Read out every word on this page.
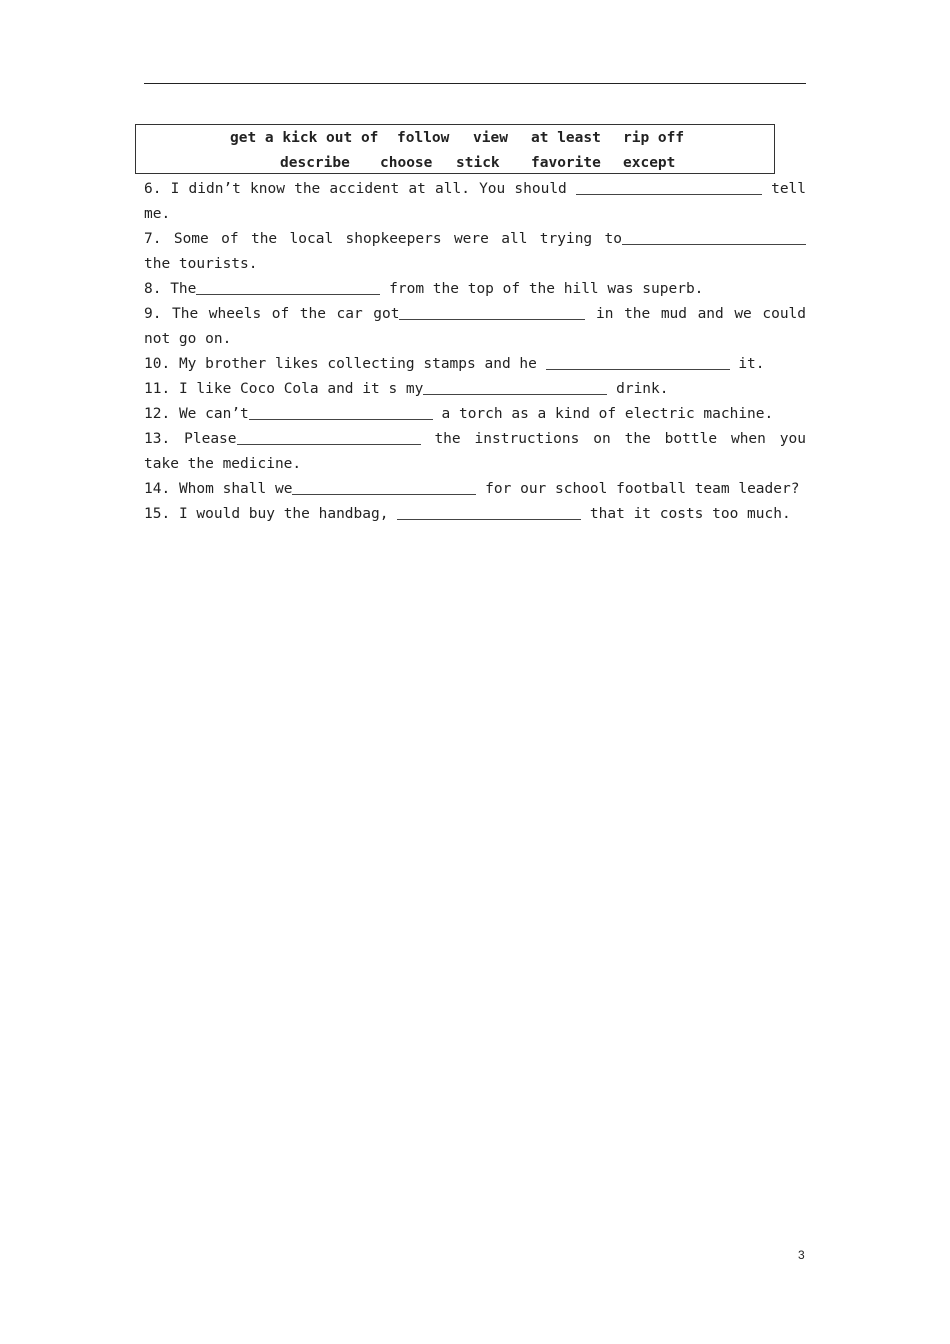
get a kick out of follow view at least rip off
describe choose stick favorite except

6. I didn’t know the accident at all. You should	tell me.

7. Some of the local shopkeepers were all trying to the tourists.

8. The	from the top of the hill was superb.

9. The wheels of the car got	in the mud and we could not go on.

10. My brother likes collecting stamps and he	it.

11. I like Coco Cola and it s my	drink.

12. We can’t	a torch as a kind of electric machine.

13. Please	the instructions on the bottle when you take the medicine.

14. Whom shall we	for our school football team leader?

15. I would buy the handbag,	that it costs too much.

3
